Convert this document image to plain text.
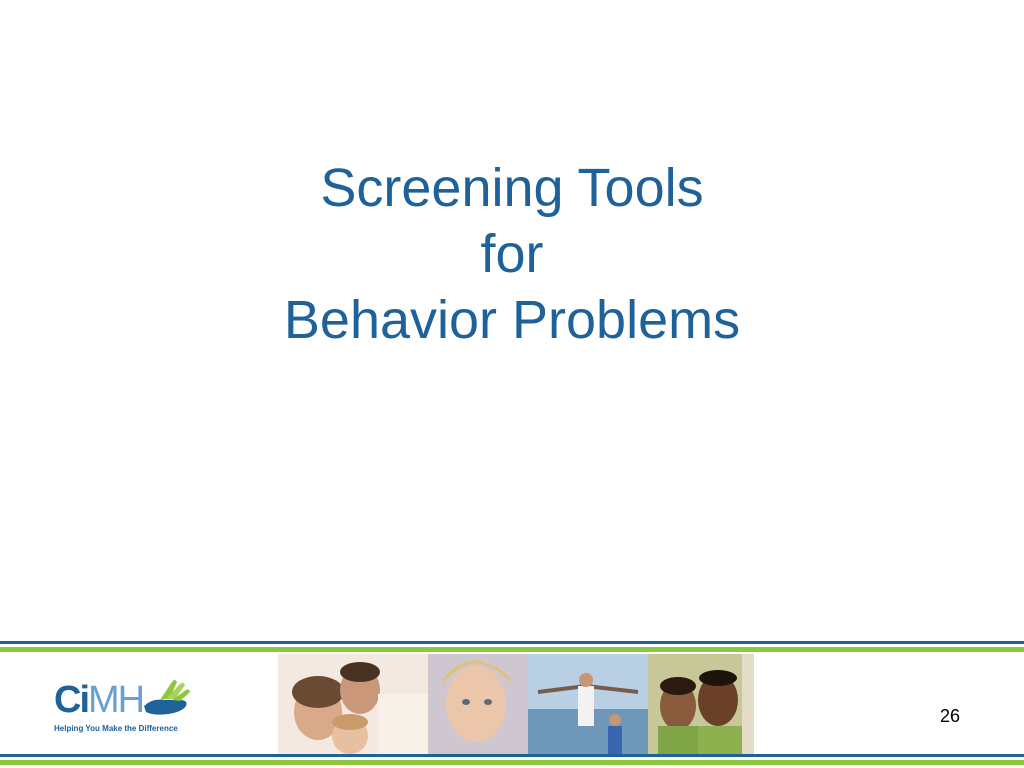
Screening Tools
for
Behavior Problems
CiMH
Helping You Make the Difference
26
